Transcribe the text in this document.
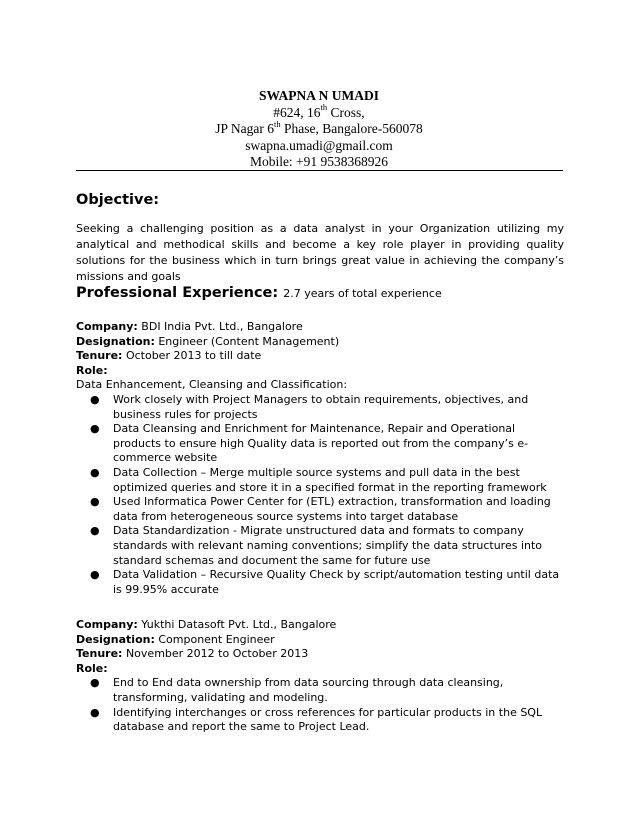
SWAPNA N UMADI
#624, 16th Cross,
JP Nagar 6th Phase, Bangalore-560078
swapna.umadi@gmail.com
Mobile: +91 9538368926
Objective:
Seeking a challenging position as a data analyst in your Organization utilizing my analytical and methodical skills and become a key role player in providing quality solutions for the business which in turn brings great value in achieving the company’s missions and goals
Professional Experience: 2.7 years of total experience
Company: BDI India Pvt. Ltd., Bangalore
Designation: Engineer (Content Management)
Tenure: October 2013 to till date
Role:
Data Enhancement, Cleansing and Classification:
● Work closely with Project Managers to obtain requirements, objectives, and business rules for projects
● Data Cleansing and Enrichment for Maintenance, Repair and Operational products to ensure high Quality data is reported out from the company’s e-commerce website
● Data Collection – Merge multiple source systems and pull data in the best optimized queries and store it in a specified format in the reporting framework
● Used Informatica Power Center for (ETL) extraction, transformation and loading data from heterogeneous source systems into target database
● Data Standardization - Migrate unstructured data and formats to company standards with relevant naming conventions; simplify the data structures into standard schemas and document the same for future use
● Data Validation – Recursive Quality Check by script/automation testing until data is 99.95% accurate
Company: Yukthi Datasoft Pvt. Ltd., Bangalore
Designation: Component Engineer
Tenure: November 2012 to October 2013
Role:
● End to End data ownership from data sourcing through data cleansing, transforming, validating and modeling.
● Identifying interchanges or cross references for particular products in the SQL database and report the same to Project Lead.
